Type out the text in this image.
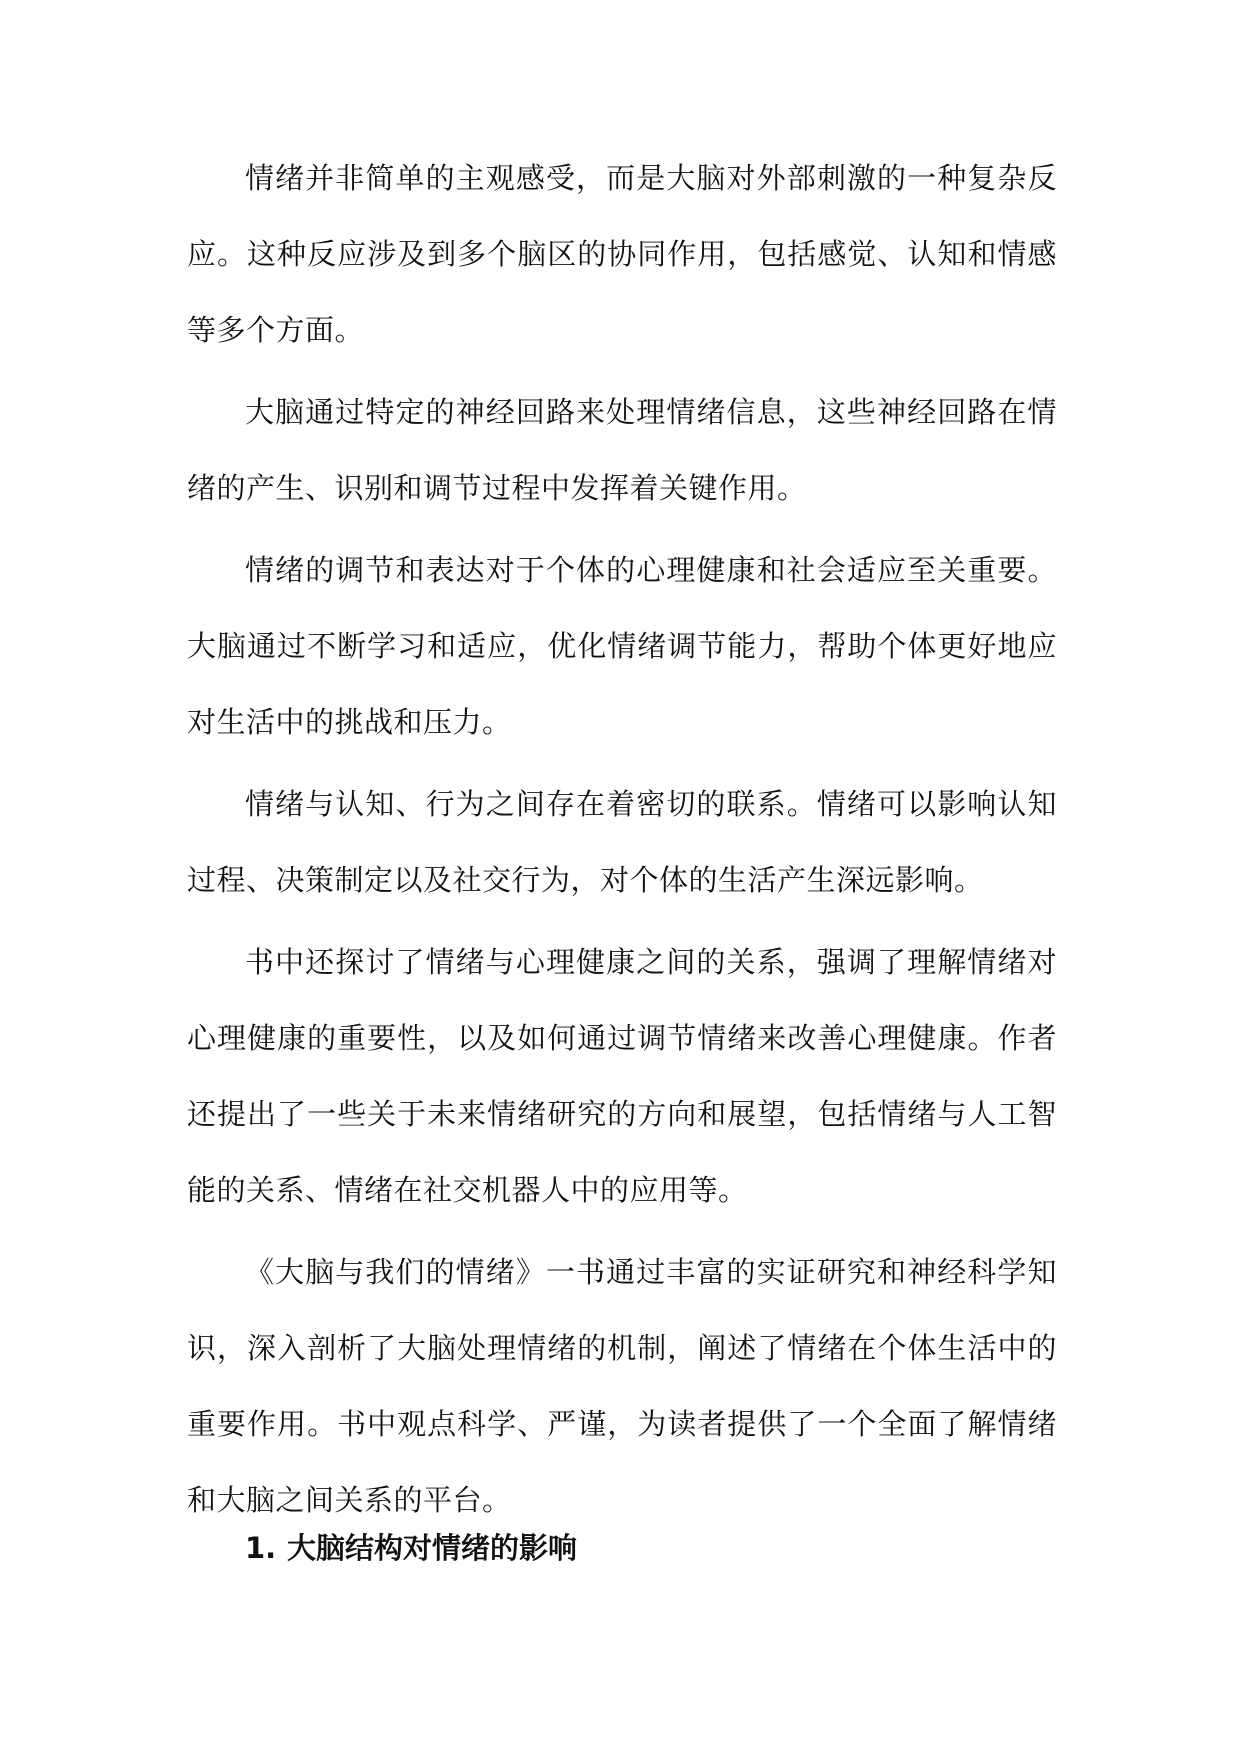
情绪并非简单的主观感受，而是大脑对外部刺激的一种复杂反应。这种反应涉及到多个脑区的协同作用，包括感觉、认知和情感等多个方面。

大脑通过特定的神经回路来处理情绪信息，这些神经回路在情绪的产生、识别和调节过程中发挥着关键作用。

情绪的调节和表达对于个体的心理健康和社会适应至关重要。大脑通过不断学习和适应，优化情绪调节能力，帮助个体更好地应对生活中的挑战和压力。

情绪与认知、行为之间存在着密切的联系。情绪可以影响认知过程、决策制定以及社交行为，对个体的生活产生深远影响。

书中还探讨了情绪与心理健康之间的关系，强调了理解情绪对心理健康的重要性，以及如何通过调节情绪来改善心理健康。作者还提出了一些关于未来情绪研究的方向和展望，包括情绪与人工智能的关系、情绪在社交机器人中的应用等。

《大脑与我们的情绪》一书通过丰富的实证研究和神经科学知识，深入剖析了大脑处理情绪的机制，阐述了情绪在个体生活中的重要作用。书中观点科学、严谨，为读者提供了一个全面了解情绪和大脑之间关系的平台。

1. 大脑结构对情绪的影响
